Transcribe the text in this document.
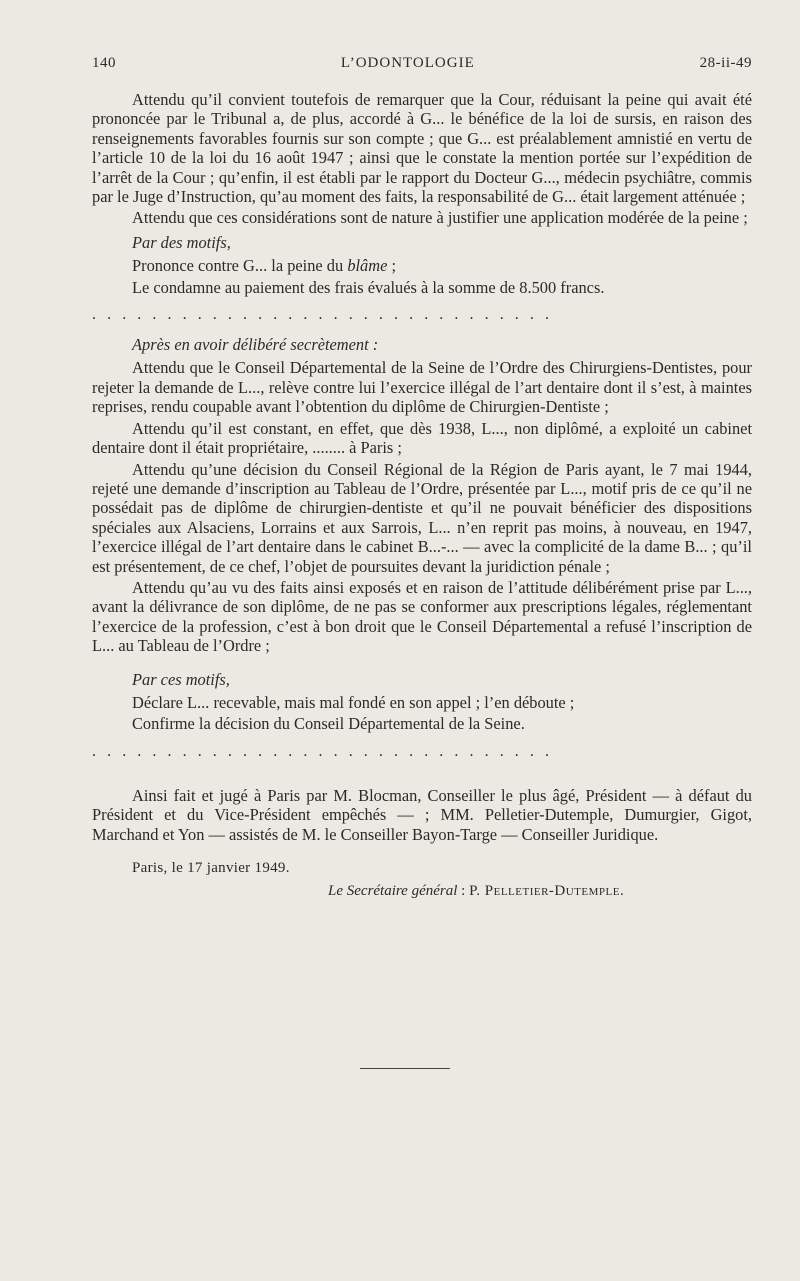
140	L’ODONTOLOGIE	28-ii-49

Attendu qu’il convient toutefois de remarquer que la Cour, réduisant la peine qui avait été prononcée par le Tribunal a, de plus, accordé à G... le bénéfice de la loi de sursis, en raison des renseignements favorables fournis sur son compte ; que G... est préalablement amnistié en vertu de l’article 10 de la loi du 16 août 1947 ; ainsi que le constate la mention portée sur l’expédition de l’arrêt de la Cour ; qu’enfin, il est établi par le rapport du Docteur G..., médecin psychiâtre, commis par le Juge d’Instruction, qu’au moment des faits, la responsabilité de G... était largement atténuée ;

Attendu que ces considérations sont de nature à justifier une application modérée de la peine ;

Par des motifs,
Prononce contre G... la peine du blâme ;
Le condamne au paiement des frais évalués à la somme de 8.500 francs.
...............................
Après en avoir délibéré secrètement :

Attendu que le Conseil Départemental de la Seine de l’Ordre des Chirurgiens-Dentistes, pour rejeter la demande de L..., relève contre lui l’exercice illégal de l’art dentaire dont il s’est, à maintes reprises, rendu coupable avant l’obtention du diplôme de Chirurgien-Dentiste ;

Attendu qu’il est constant, en effet, que dès 1938, L..., non diplômé, a exploité un cabinet dentaire dont il était propriétaire, ........ à Paris ;

Attendu qu’une décision du Conseil Régional de la Région de Paris ayant, le 7 mai 1944, rejeté une demande d’inscription au Tableau de l’Ordre, présentée par L..., motif pris de ce qu’il ne possédait pas de diplôme de chirurgien-dentiste et qu’il ne pouvait bénéficier des dispositions spéciales aux Alsaciens, Lorrains et aux Sarrois, L... n’en reprit pas moins, à nouveau, en 1947, l’exercice illégal de l’art dentaire dans le cabinet B...-... — avec la complicité de la dame B... ; qu’il est présentement, de ce chef, l’objet de poursuites devant la juridiction pénale ;

Attendu qu’au vu des faits ainsi exposés et en raison de l’attitude délibérément prise par L..., avant la délivrance de son diplôme, de ne pas se conformer aux prescriptions légales, réglementant l’exercice de la profession, c’est à bon droit que le Conseil Départemental a refusé l’inscription de L... au Tableau de l’Ordre ;

Par ces motifs,
Déclare L... recevable, mais mal fondé en son appel ; l’en déboute ;
Confirme la décision du Conseil Départemental de la Seine.
...............................

Ainsi fait et jugé à Paris par M. Blocman, Conseiller le plus âgé, Président — à défaut du Président et du Vice-Président empêchés — ; MM. Pelletier-Dutemple, Dumurgier, Gigot, Marchand et Yon — assistés de M. le Conseiller Bayon-Targe — Conseiller Juridique.

Paris, le 17 janvier 1949.
Le Secrétaire général : P. Pelletier-Dutemple.
